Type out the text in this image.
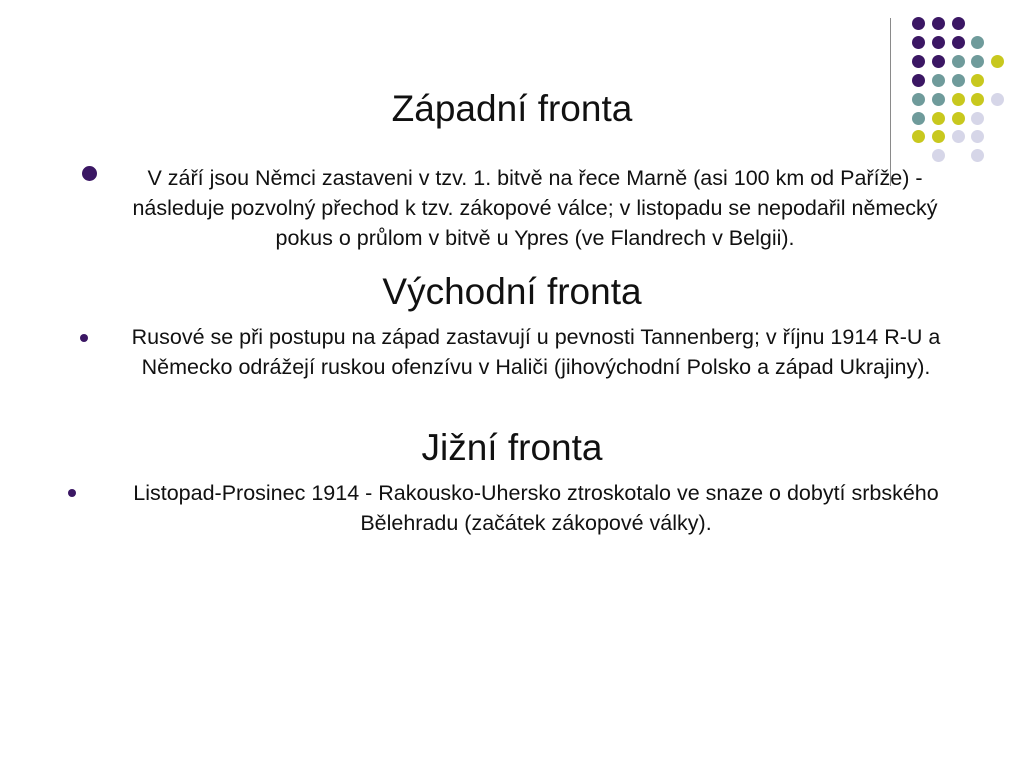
Západní fronta
V září jsou Němci zastaveni v tzv. 1. bitvě na řece Marně (asi 100 km od Paříže) - následuje pozvolný přechod k tzv. zákopové válce; v listopadu se nepodařil německý pokus o průlom v bitvě u Ypres (ve Flandrech v Belgii).
Východní fronta
Rusové se při postupu na západ zastavují u pevnosti Tannenberg; v říjnu 1914 R-U a Německo odrážejí ruskou ofenzívu v Haliči (jihovýchodní Polsko a západ Ukrajiny).
Jižní fronta
Listopad-Prosinec 1914 - Rakousko-Uhersko ztroskotalo ve snaze o dobytí srbského Bělehradu (začátek zákopové války).
